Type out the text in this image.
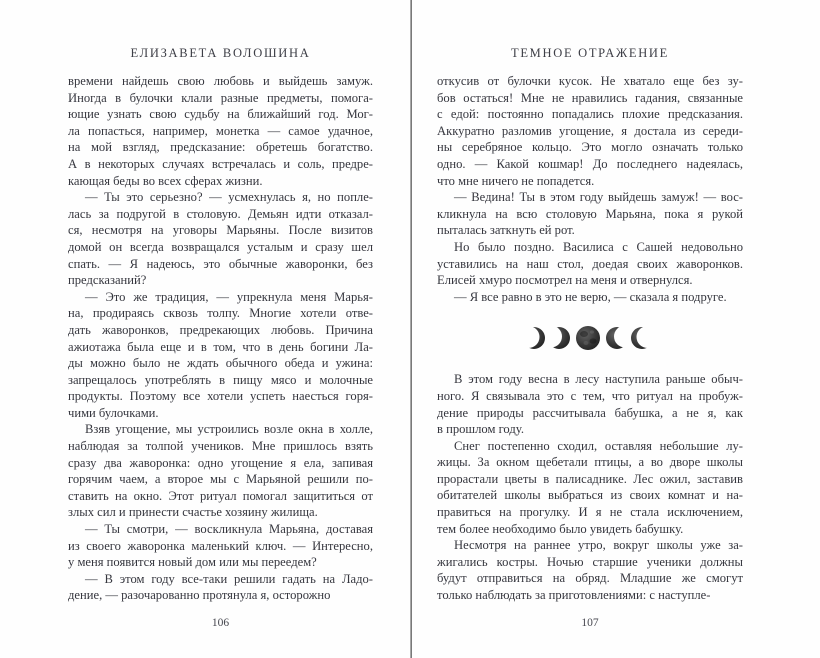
ЕЛИЗАВЕТА ВОЛОШИНА
времени найдешь свою любовь и выйдешь замуж.
Иногда в булочки клали разные предметы, помога-
ющие узнать свою судьбу на ближайший год. Мог-
ла попасться, например, монетка — самое удачное,
на мой взгляд, предсказание: обретешь богатство.
А в некоторых случаях встречалась и соль, предре-
кающая беды во всех сферах жизни.
— Ты это серьезно? — усмехнулась я, но попле-
лась за подругой в столовую. Демьян идти отказал-
ся, несмотря на уговоры Марьяны. После визитов
домой он всегда возвращался усталым и сразу шел
спать. — Я надеюсь, это обычные жаворонки, без
предсказаний?
— Это же традиция, — упрекнула меня Марья-
на, продираясь сквозь толпу. Многие хотели отве-
дать жаворонков, предрекающих любовь. Причина
ажиотажа была еще и в том, что в день богини Ла-
ды можно было не ждать обычного обеда и ужина:
запрещалось употреблять в пищу мясо и молочные
продукты. Поэтому все хотели успеть наесться горя-
чими булочками.
Взяв угощение, мы устроились возле окна в холле,
наблюдая за толпой учеников. Мне пришлось взять
сразу два жаворонка: одно угощение я ела, запивая
горячим чаем, а второе мы с Марьяной решили по-
ставить на окно. Этот ритуал помогал защититься от
злых сил и принести счастье хозяину жилища.
— Ты смотри, — воскликнула Марьяна, доставая
из своего жаворонка маленький ключ. — Интересно,
у меня появится новый дом или мы переедем?
— В этом году все-таки решили гадать на Ладо-
дение, — разочарованно протянула я, осторожно
106
ТЕМНОЕ ОТРАЖЕНИЕ
откусив от булочки кусок. Не хватало еще без зу-
бов остаться! Мне не нравились гадания, связанные
с едой: постоянно попадались плохие предсказания.
Аккуратно разломив угощение, я достала из середи-
ны серебряное кольцо. Это могло означать только
одно. — Какой кошмар! До последнего надеялась,
что мне ничего не попадется.
— Ведина! Ты в этом году выйдешь замуж! — вос-
кликнула на всю столовую Марьяна, пока я рукой
пыталась заткнуть ей рот.
Но было поздно. Василиса с Сашей недовольно
уставились на наш стол, доедая своих жаворонков.
Елисей хмуро посмотрел на меня и отвернулся.
— Я все равно в это не верю, — сказала я подруге.
В этом году весна в лесу наступила раньше обыч-
ного. Я связывала это с тем, что ритуал на пробуж-
дение природы рассчитывала бабушка, а не я, как
в прошлом году.
Снег постепенно сходил, оставляя небольшие лу-
жицы. За окном щебетали птицы, а во дворе школы
прорастали цветы в палисаднике. Лес ожил, заставив
обитателей школы выбраться из своих комнат и на-
правиться на прогулку. И я не стала исключением,
тем более необходимо было увидеть бабушку.
Несмотря на раннее утро, вокруг школы уже за-
жигались костры. Ночью старшие ученики должны
будут отправиться на обряд. Младшие же смогут
только наблюдать за приготовлениями: с наступле-
107
